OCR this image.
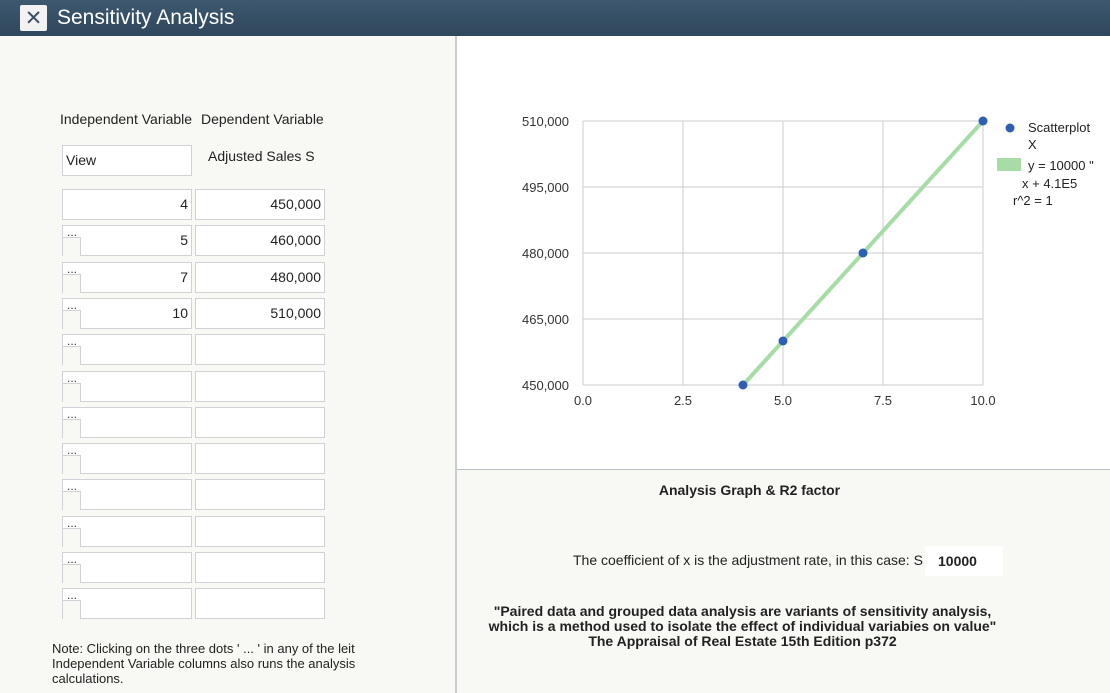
✕ Sensitivity Analysis
Independent Variable Dependent Variable
View	Adjusted Sales S
4	450,000
...	5	460,000
...	7	480,000
...	10	510,000
...
...
...
...
...
...
...
...
Note: Clicking on the three dots ' ... ' in any of the leit
Independent Variable columns also runs the analysis
calculations.
0.0	2.5	5.0	7.5	10.0
450,000
465,000
480,000
495,000
510,000	Scatterplot
X
y = 10000 "
x + 4.1E5
r^2 = 1
Analysis Graph & R2 factor
The coefficient of x is the adjustment rate, in this case: S	10000
"Paired data and grouped data analysis are variants of sensitivity analysis,
which is a method used to isolate the effect of individual variabies on value"
The Appraisal of Real Estate 15th Edition p372
